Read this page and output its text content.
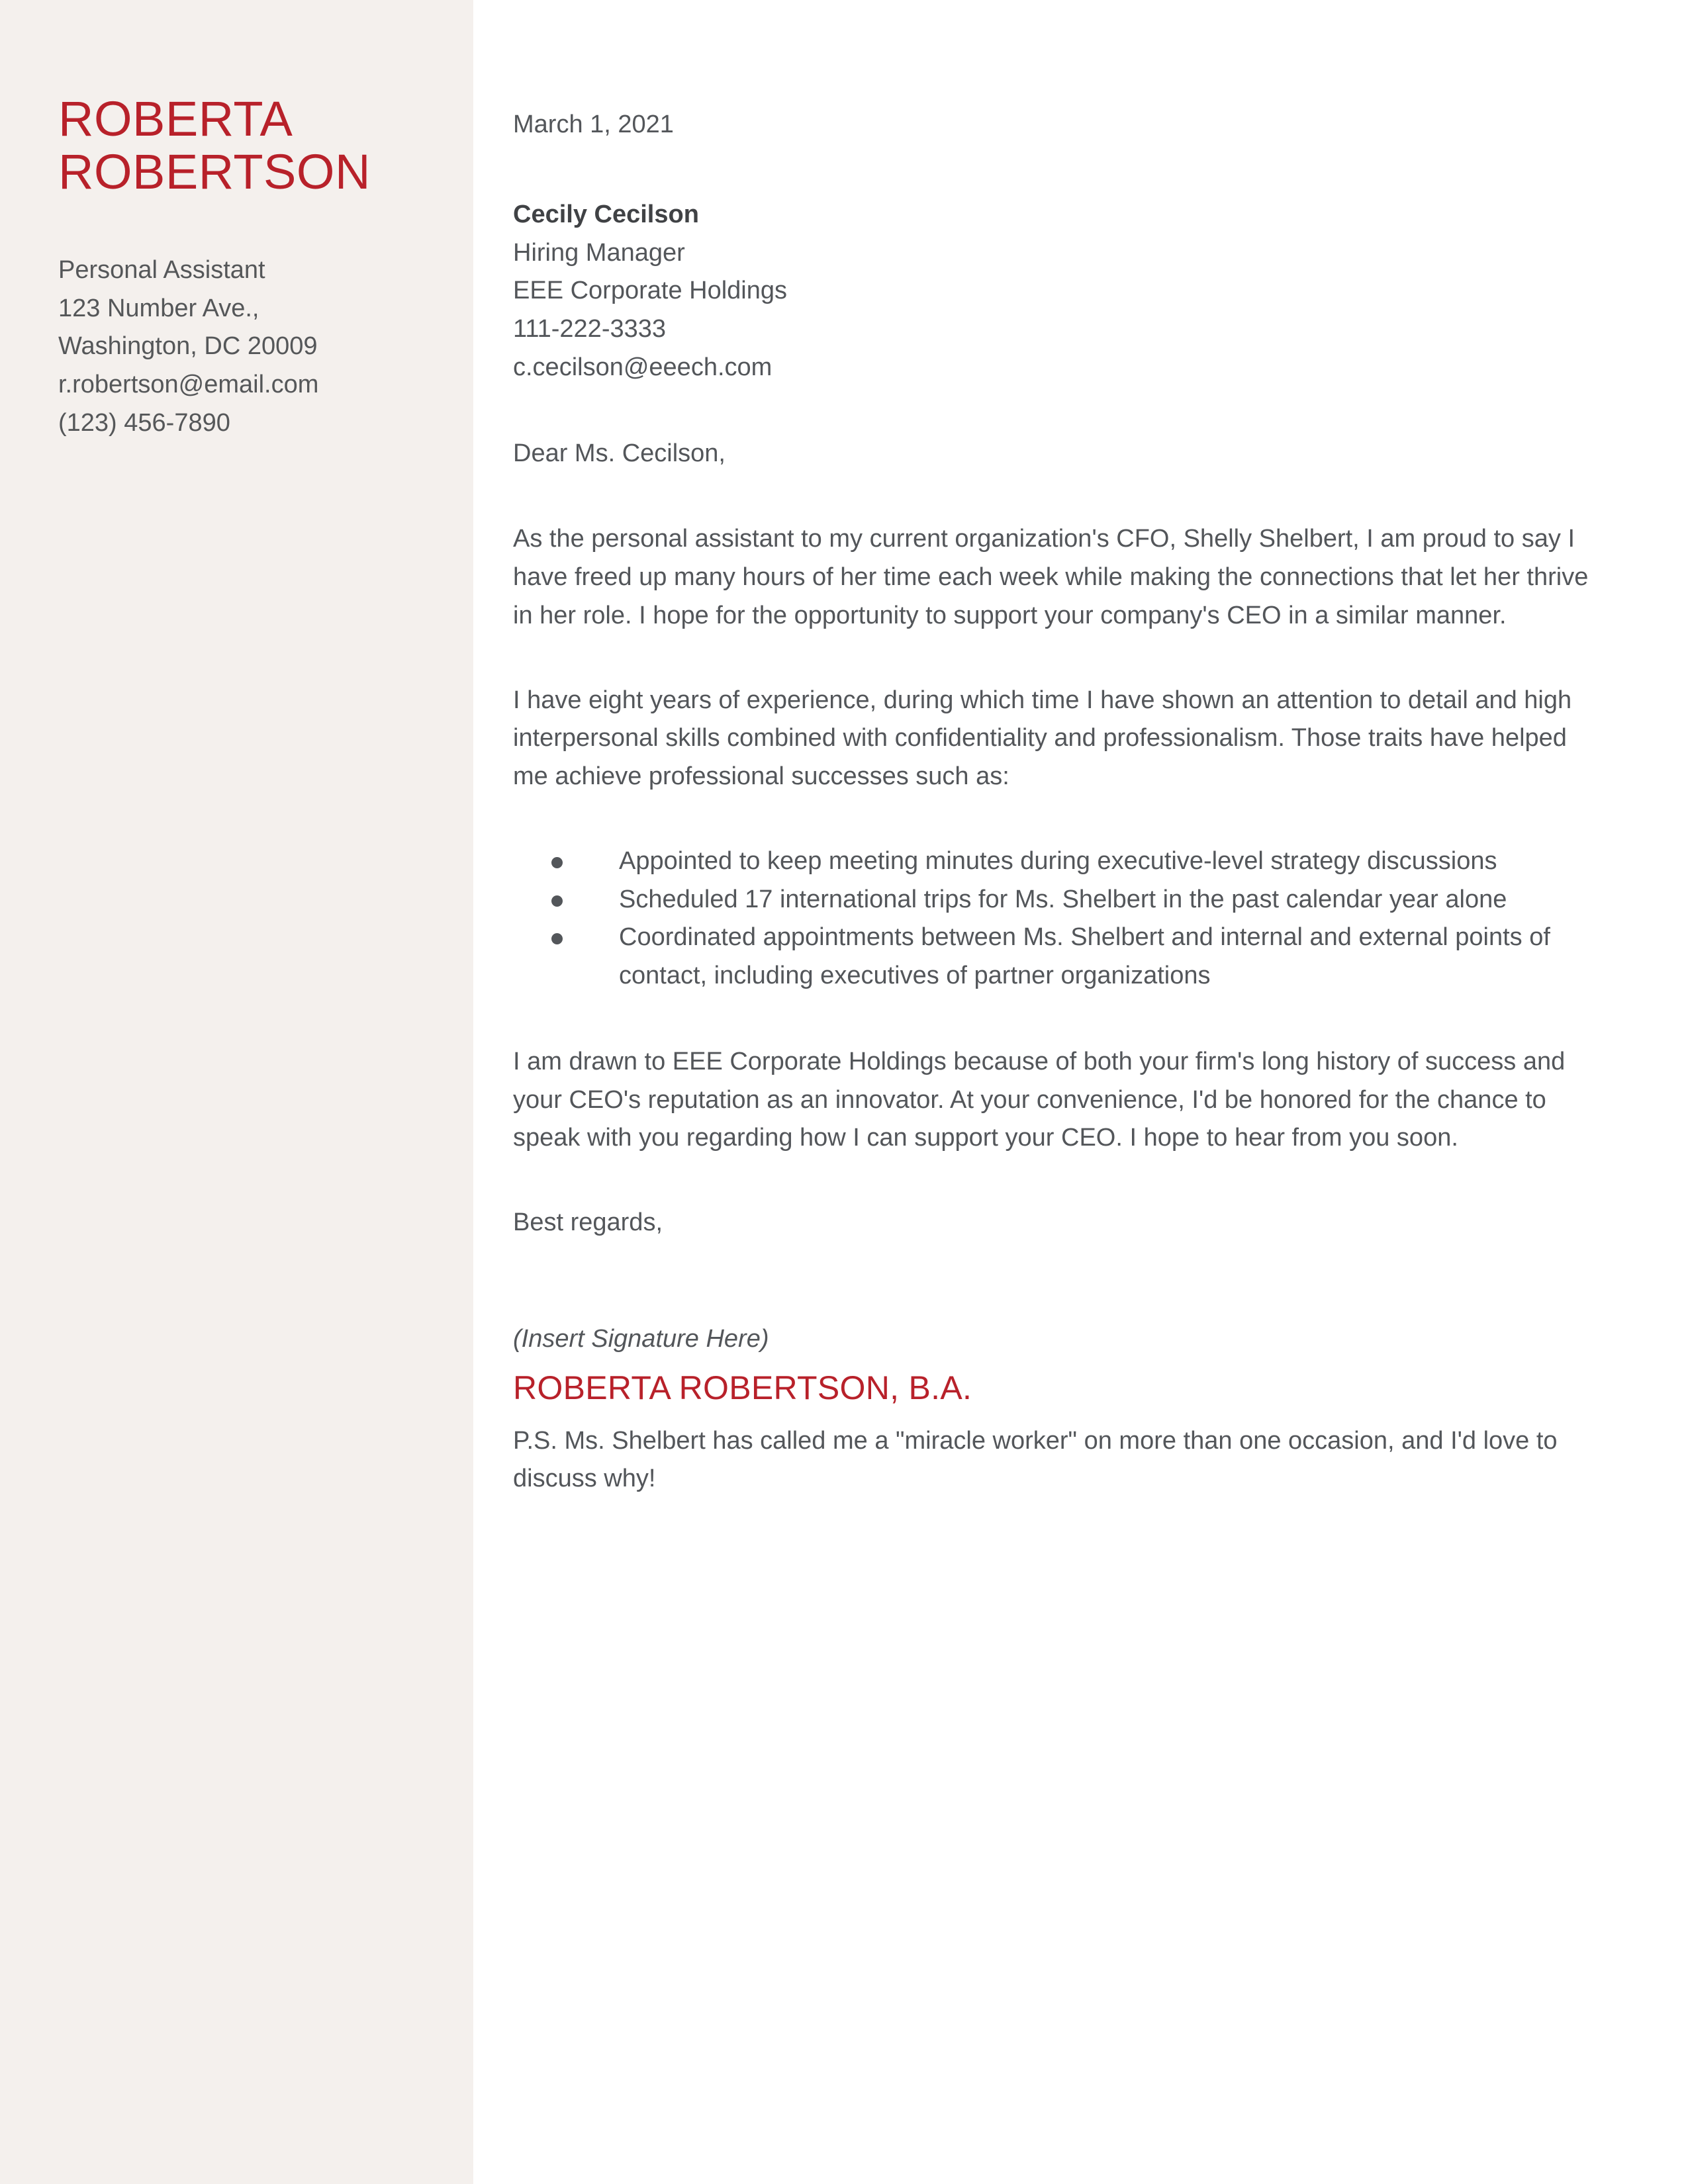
ROBERTA
ROBERTSON
Personal Assistant
123 Number Ave.,
Washington, DC 20009
r.robertson@email.com
(123) 456-7890
March 1, 2021
Cecily Cecilson
Hiring Manager
EEE Corporate Holdings
111-222-3333
c.cecilson@eeech.com
Dear Ms. Cecilson,

As the personal assistant to my current organization's CFO, Shelly Shelbert, I am proud to say I have freed up many hours of her time each week while making the connections that let her thrive in her role. I hope for the opportunity to support your company's CEO in a similar manner.

I have eight years of experience, during which time I have shown an attention to detail and high interpersonal skills combined with confidentiality and professionalism. Those traits have helped me achieve professional successes such as:

Appointed to keep meeting minutes during executive-level strategy discussions
Scheduled 17 international trips for Ms. Shelbert in the past calendar year alone
Coordinated appointments between Ms. Shelbert and internal and external points of contact, including executives of partner organizations

I am drawn to EEE Corporate Holdings because of both your firm's long history of success and your CEO's reputation as an innovator. At your convenience, I'd be honored for the chance to speak with you regarding how I can support your CEO. I hope to hear from you soon.

Best regards,
(Insert Signature Here)
ROBERTA ROBERTSON, B.A.

P.S. Ms. Shelbert has called me a "miracle worker" on more than one occasion, and I'd love to discuss why!
